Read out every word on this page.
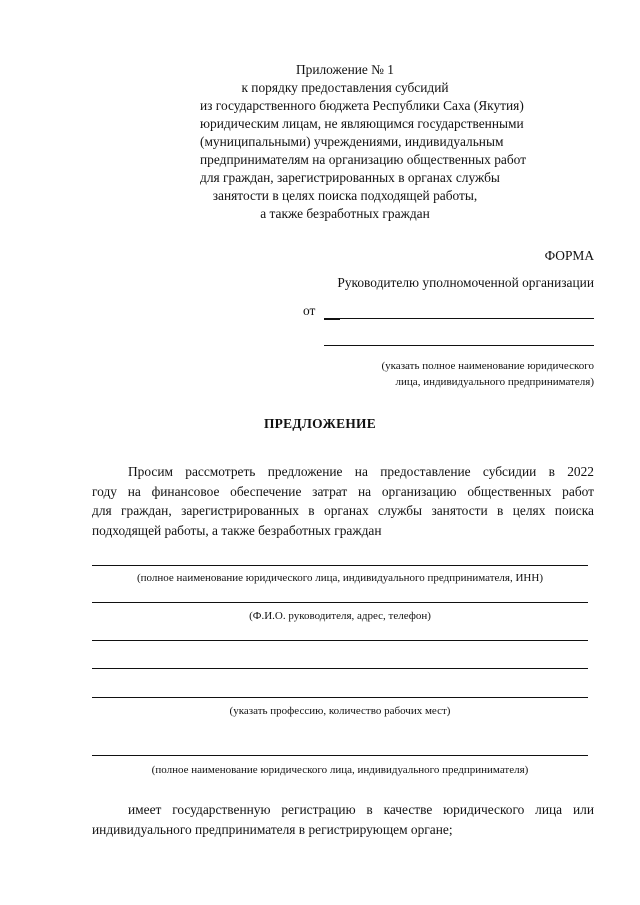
Приложение № 1
к порядку предоставления субсидий
из государственного бюджета Республики Саха (Якутия)
юридическим лицам, не являющимся государственными
(муниципальными) учреждениями, индивидуальным
предпринимателям на организацию общественных работ
для граждан, зарегистрированных в органах службы
занятости в целях поиска подходящей работы,
а также безработных граждан
ФОРМА
Руководителю уполномоченной организации
от
(указать полное наименование юридического
лица, индивидуального предпринимателя)
ПРЕДЛОЖЕНИЕ
Просим рассмотреть предложение на предоставление субсидии в 2022
году на финансовое обеспечение затрат на организацию общественных работ
для граждан, зарегистрированных в органах службы занятости в целях поиска
подходящей работы, а также безработных граждан
(полное наименование юридического лица, индивидуального предпринимателя, ИНН)
(Ф.И.О. руководителя, адрес, телефон)
(указать профессию, количество рабочих мест)
(полное наименование юридического лица, индивидуального предпринимателя)
имеет государственную регистрацию в качестве юридического лица или
индивидуального предпринимателя в регистрирующем органе;
